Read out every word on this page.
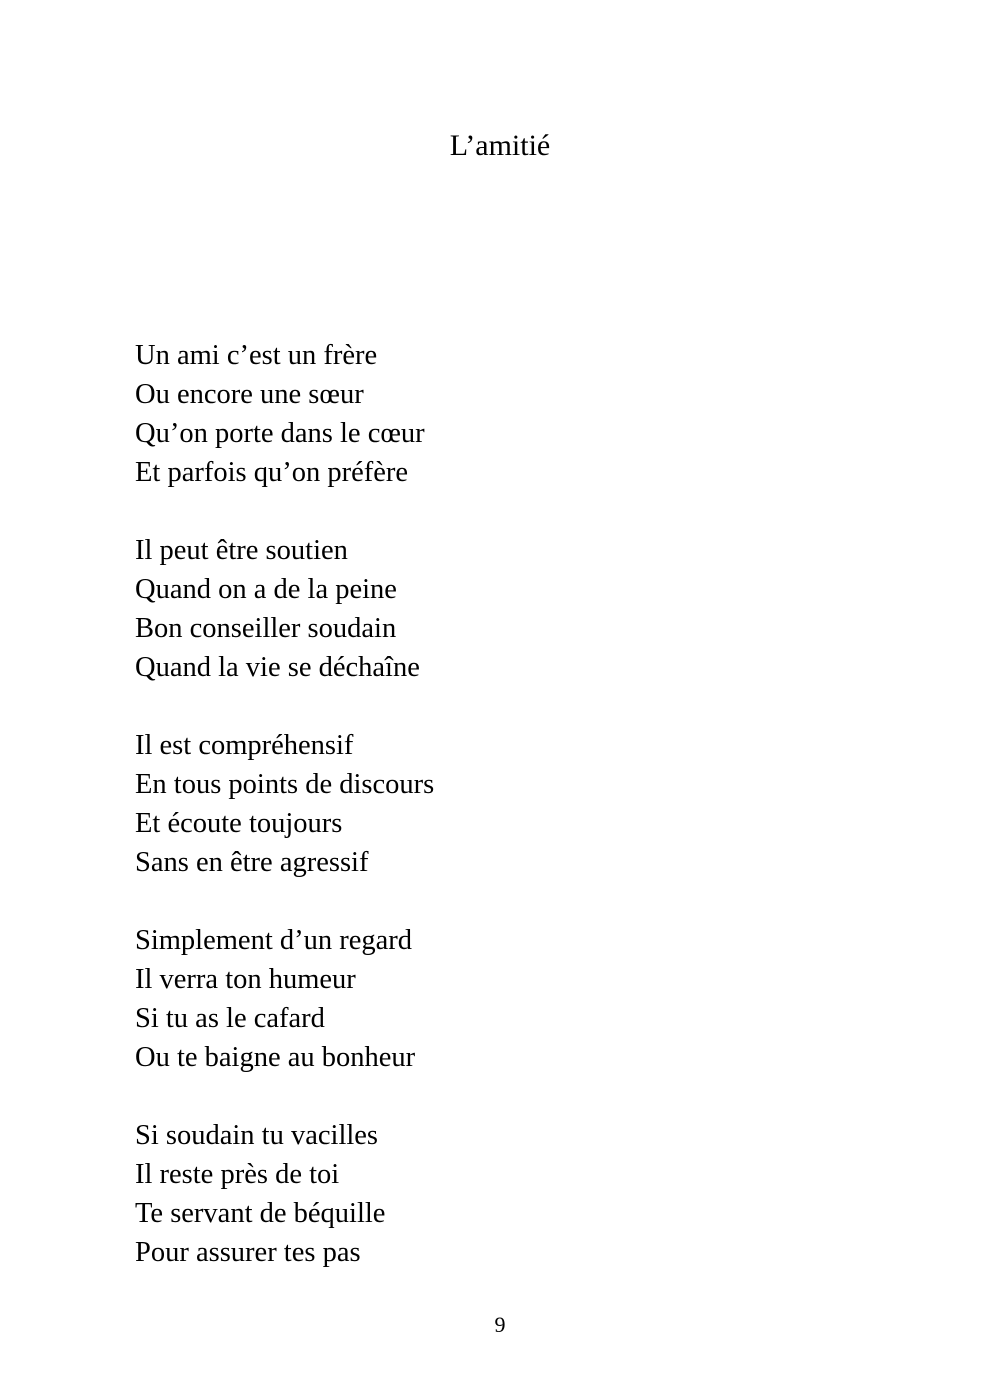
L’amitié
Un ami c’est un frère
Ou encore une sœur
Qu’on porte dans le cœur
Et parfois qu’on préfère
Il peut être soutien
Quand on a de la peine
Bon conseiller soudain
Quand la vie se déchaîne
Il est compréhensif
En tous points de discours
Et écoute toujours
Sans en être agressif
Simplement d’un regard
Il verra ton humeur
Si tu as le cafard
Ou te baigne au bonheur
Si soudain tu vacilles
Il reste près de toi
Te servant de béquille
Pour assurer tes pas
9
